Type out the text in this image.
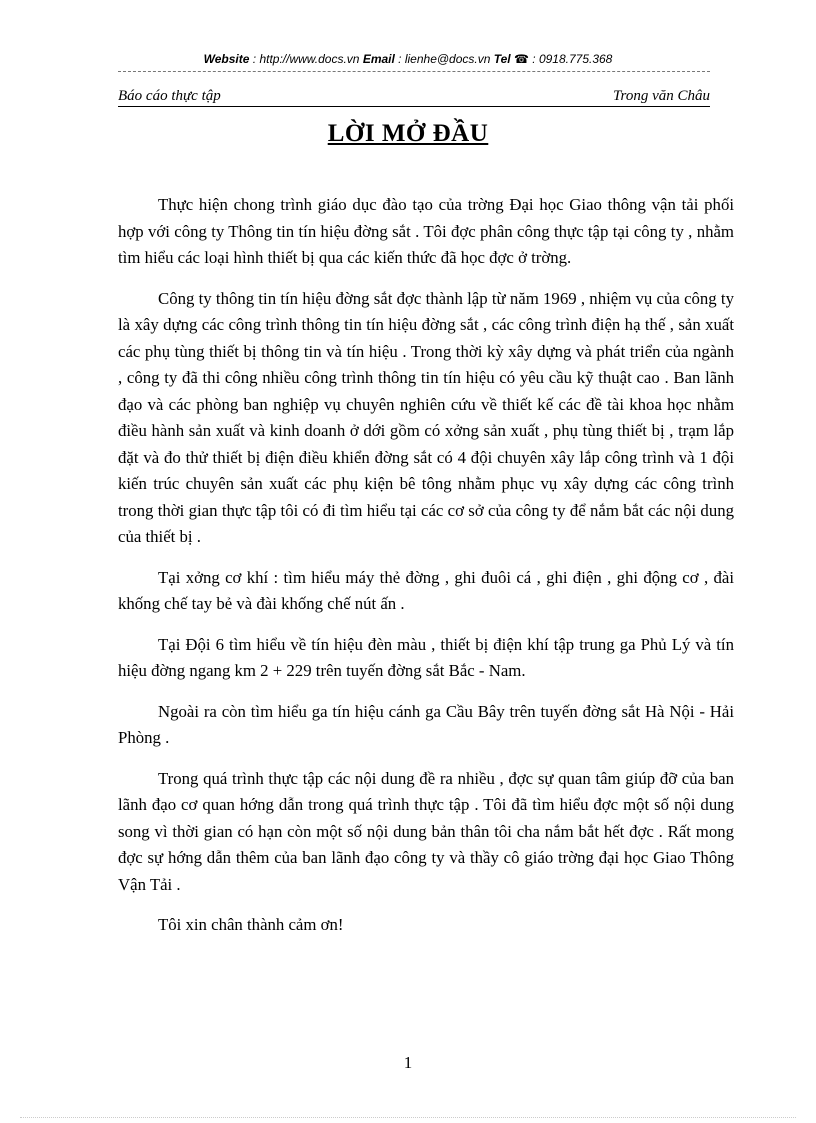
Website : http://www.docs.vn Email : lienhe@docs.vn Tel ☎ : 0918.775.368
Báo cáo thực tập	Trong văn Châu
LỜI MỞ ĐẦU

Thực hiện chong trình giáo dục đào tạo của trờng Đại học Giao thông vận tải phối hợp với công ty Thông tin tín hiệu đờng sắt . Tôi đợc phân công thực tập tại công ty , nhằm tìm hiểu các loại hình thiết bị qua các kiến thức đã học đợc ở trờng.

Công ty thông tin tín hiệu đờng sắt đợc thành lập từ năm 1969 , nhiệm vụ của công ty là xây dựng các công trình thông tin tín hiệu đờng sắt , các công trình điện hạ thế , sản xuất các phụ tùng thiết bị thông tin và tín hiệu . Trong thời kỳ xây dựng và phát triển của ngành , công ty đã thi công nhiều công trình thông tin tín hiệu có yêu cầu kỹ thuật cao . Ban lãnh đạo và các phòng ban nghiệp vụ chuyên nghiên cứu về thiết kế các đề tài khoa học nhằm điều hành sản xuất và kinh doanh ở dới gồm có xởng sản xuất , phụ tùng thiết bị , trạm lắp đặt và đo thử thiết bị điện điều khiển đờng sắt có 4 đội chuyên xây lắp công trình và 1 đội kiến trúc chuyên sản xuất các phụ kiện bê tông nhằm phục vụ xây dựng các công trình trong thời gian thực tập tôi có đi tìm hiểu tại các cơ sở của công ty để nắm bắt các nội dung của thiết bị .

Tại xởng cơ khí : tìm hiểu máy thẻ đờng , ghi đuôi cá , ghi điện , ghi động cơ , đài khống chế tay bẻ và đài khống chế nút ấn .

Tại Đội 6 tìm hiểu về tín hiệu đèn màu , thiết bị điện khí tập trung ga Phủ Lý và tín hiệu đờng ngang km 2 + 229 trên tuyến đờng sắt Bắc - Nam.

Ngoài ra còn tìm hiểu ga tín hiệu cánh ga Cầu Bây trên tuyến đờng sắt Hà Nội - Hải Phòng .

Trong quá trình thực tập các nội dung đề ra nhiều , đợc sự quan tâm giúp đỡ của ban lãnh đạo cơ quan hớng dẫn trong quá trình thực tập . Tôi đã tìm hiểu đợc một số nội dung song vì thời gian có hạn còn một số nội dung bản thân tôi cha nắm bắt hết đợc . Rất mong đợc sự hớng dẫn thêm của ban lãnh đạo công ty và thầy cô giáo trờng đại học Giao Thông Vận Tải .

Tôi xin chân thành cảm ơn!

1
